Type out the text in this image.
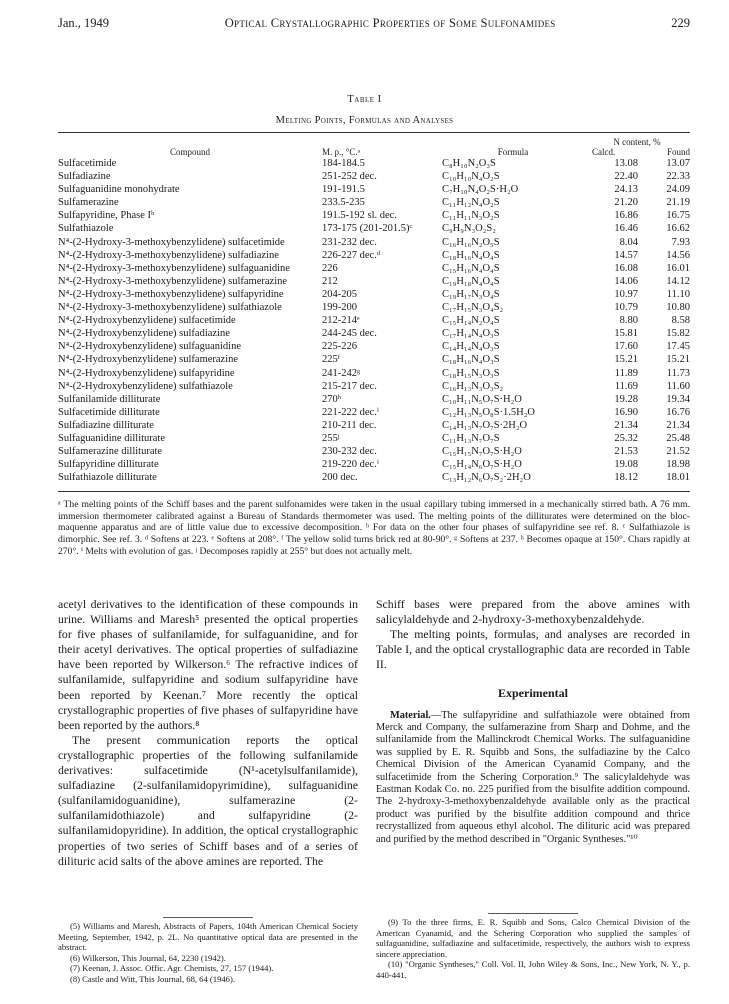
Jan., 1949	Optical Crystallographic Properties of Some Sulfonamides	229
Table I
Melting Points, Formulas and Analyses
Compound	M. p., °C.ᵃ	Formula	N content, %
Calcd. Found	

Sulfacetimide	184-184.5	C₈H₁₀N₂O₃S	13.08	13.07
Sulfadiazine	251-252 dec.	C₁₀H₁₀N₄O₂S	22.40	22.33
Sulfaguanidine monohydrate	191-191.5	C₇H₁₀N₄O₂S·H₂O	24.13	24.09
Sulfamerazine	233.5-235	C₁₁H₁₂N₄O₂S	21.20	21.19
Sulfapyridine, Phase Iᵇ	191.5-192 sl. dec.	C₁₁H₁₁N₃O₂S	16.86	16.75
Sulfathiazole	173-175 (201-201.5)ᶜ	C₉H₉N₃O₂S₂	16.46	16.62
N⁴-(2-Hydroxy-3-methoxybenzylidene) sulfacetimide	231-232 dec.	C₁₆H₁₆N₂O₅S	8.04	7.93
N⁴-(2-Hydroxy-3-methoxybenzylidene) sulfadiazine	226-227 dec.ᵈ	C₁₈H₁₆N₄O₄S	14.57	14.56
N⁴-(2-Hydroxy-3-methoxybenzylidene) sulfaguanidine	226	C₁₅H₁₆N₄O₄S	16.08	16.01
N⁴-(2-Hydroxy-3-methoxybenzylidene) sulfamerazine	212	C₁₉H₁₈N₄O₄S	14.06	14.12
N⁴-(2-Hydroxy-3-methoxybenzylidene) sulfapyridine	204-205	C₁₉H₁₇N₃O₄S	10.97	11.10
N⁴-(2-Hydroxy-3-methoxybenzylidene) sulfathiazole	199-200	C₁₇H₁₅N₃O₄S₂	10.79	10.80
N⁴-(2-Hydroxybenzylidene) sulfacetimide	212-214ᵉ	C₁₅H₁₄N₂O₄S	8.80	8.58
N⁴-(2-Hydroxybenzylidene) sulfadiazine	244-245 dec.	C₁₇H₁₄N₄O₃S	15.81	15.82
N⁴-(2-Hydroxybenzylidene) sulfaguanidine	225-226	C₁₄H₁₄N₄O₃S	17.60	17.45
N⁴-(2-Hydroxybenzylidene) sulfamerazine	225ᶠ	C₁₈H₁₆N₄O₃S	15.21	15.21
N⁴-(2-Hydroxybenzylidene) sulfapyridine	241-242ᵍ	C₁₈H₁₅N₃O₃S	11.89	11.73
N⁴-(2-Hydroxybenzylidene) sulfathiazole	215-217 dec.	C₁₆H₁₃N₃O₃S₂	11.69	11.60
Sulfanilamide dilliturate	270ʰ	C₁₀H₁₁N₅O₇S·H₂O	19.28	19.34
Sulfacetimide dilliturate	221-222 dec.ⁱ	C₁₂H₁₃N₅O₈S·1.5H₂O	16.90	16.76
Sulfadiazine dilliturate	210-211 dec.	C₁₄H₁₃N₇O₇S·2H₂O	21.34	21.34
Sulfaguanidine dilliturate	255ʲ	C₁₁H₁₃N₇O₇S	25.32	25.48
Sulfamerazine dilliturate	230-232 dec.	C₁₅H₁₅N₇O₇S·H₂O	21.53	21.52
Sulfapyridine dilliturate	219-220 dec.ⁱ	C₁₅H₁₄N₆O₇S·H₂O	19.08	18.98
Sulfathiazole dilliturate	200 dec.	C₁₃H₁₂N₆O₇S₂·2H₂O	18.12	18.01
ᵃ The melting points of the Schiff bases and the parent sulfonamides were taken in the usual capillary tubing immersed in a mechanically stirred bath. A 76 mm. immersion thermometer calibrated against a Bureau of Standards thermometer was used. The melting points of the dilliturates were determined on the bloc-maquenne apparatus and are of little value due to excessive decomposition. ᵇ For data on the other four phases of sulfapyridine see ref. 8. ᶜ Sulfathiazole is dimorphic. See ref. 3. ᵈ Softens at 223. ᵉ Softens at 208°. ᶠ The yellow solid turns brick red at 80-90°. ᵍ Softens at 237. ʰ Becomes opaque at 150°. Chars rapidly at 270°. ⁱ Melts with evolution of gas. ʲ Decomposes rapidly at 255° but does not actually melt.

acetyl derivatives to the identification of these compounds in urine. Williams and Maresh⁵ presented the optical properties for five phases of sulfanilamide, for sulfaguanidine, and for their acetyl derivatives. The optical properties of sulfadiazine have been reported by Wilkerson.⁶ The refractive indices of sulfanilamide, sulfapyridine and sodium sulfapyridine have been reported by Keenan.⁷ More recently the optical crystallographic properties of five phases of sulfapyridine have been reported by the authors.⁸

The present communication reports the optical crystallographic properties of the following sulfanilamide derivatives: sulfacetimide (N¹-acetylsulfanilamide), sulfadiazine (2-sulfanilamidopyrimidine), sulfaguanidine (sulfanilamidoguanidine), sulfamerazine (2-sulfanilamidothiazole) and sulfapyridine (2-sulfanilamidopyridine). In addition, the optical crystallographic properties of two series of Schiff bases and of a series of dilituric acid salts of the above amines are reported. The

(5) Williams and Maresh, Abstracts of Papers, 104th American Chemical Society Meeting, September, 1942, p. 2L. No quantitative optical data are presented in the abstract.
(6) Wilkerson, This Journal, 64, 2230 (1942).
(7) Keenan, J. Assoc. Offic. Agr. Chemists, 27, 157 (1944).
(8) Castle and Witt, This Journal, 68, 64 (1946).

Schiff bases were prepared from the above amines with salicylaldehyde and 2-hydroxy-3-methoxybenzaldehyde.

The melting points, formulas, and analyses are recorded in Table I, and the optical crystallographic data are recorded in Table II.

Experimental

Material.—The sulfapyridine and sulfathiazole were obtained from Merck and Company, the sulfamerazine from Sharp and Dohme, and the sulfanilamide from the Mallinckrodt Chemical Works. The sulfaguanidine was supplied by E. R. Squibb and Sons, the sulfadiazine by the Calco Chemical Division of the American Cyanamid Company, and the sulfacetimide from the Schering Corporation.⁹ The salicylaldehyde was Eastman Kodak Co. no. 225 purified from the bisulfite addition compound. The 2-hydroxy-3-methoxybenzaldehyde available only as the practical product was purified by the bisulfite addition compound and thrice recrystallized from aqueous ethyl alcohol. The dilituric acid was prepared and purified by the method described in "Organic Syntheses."¹⁰

(9) To the three firms, E. R. Squibb and Sons, Calco Chemical Division of the American Cyanamid, and the Schering Corporation who supplied the samples of sulfaguanidine, sulfadiazine and sulfacetimide, respectively, the authors wish to express sincere appreciation.
(10) "Organic Syntheses," Coll. Vol. II, John Wiley & Sons, Inc., New York, N. Y., p. 440-441.
